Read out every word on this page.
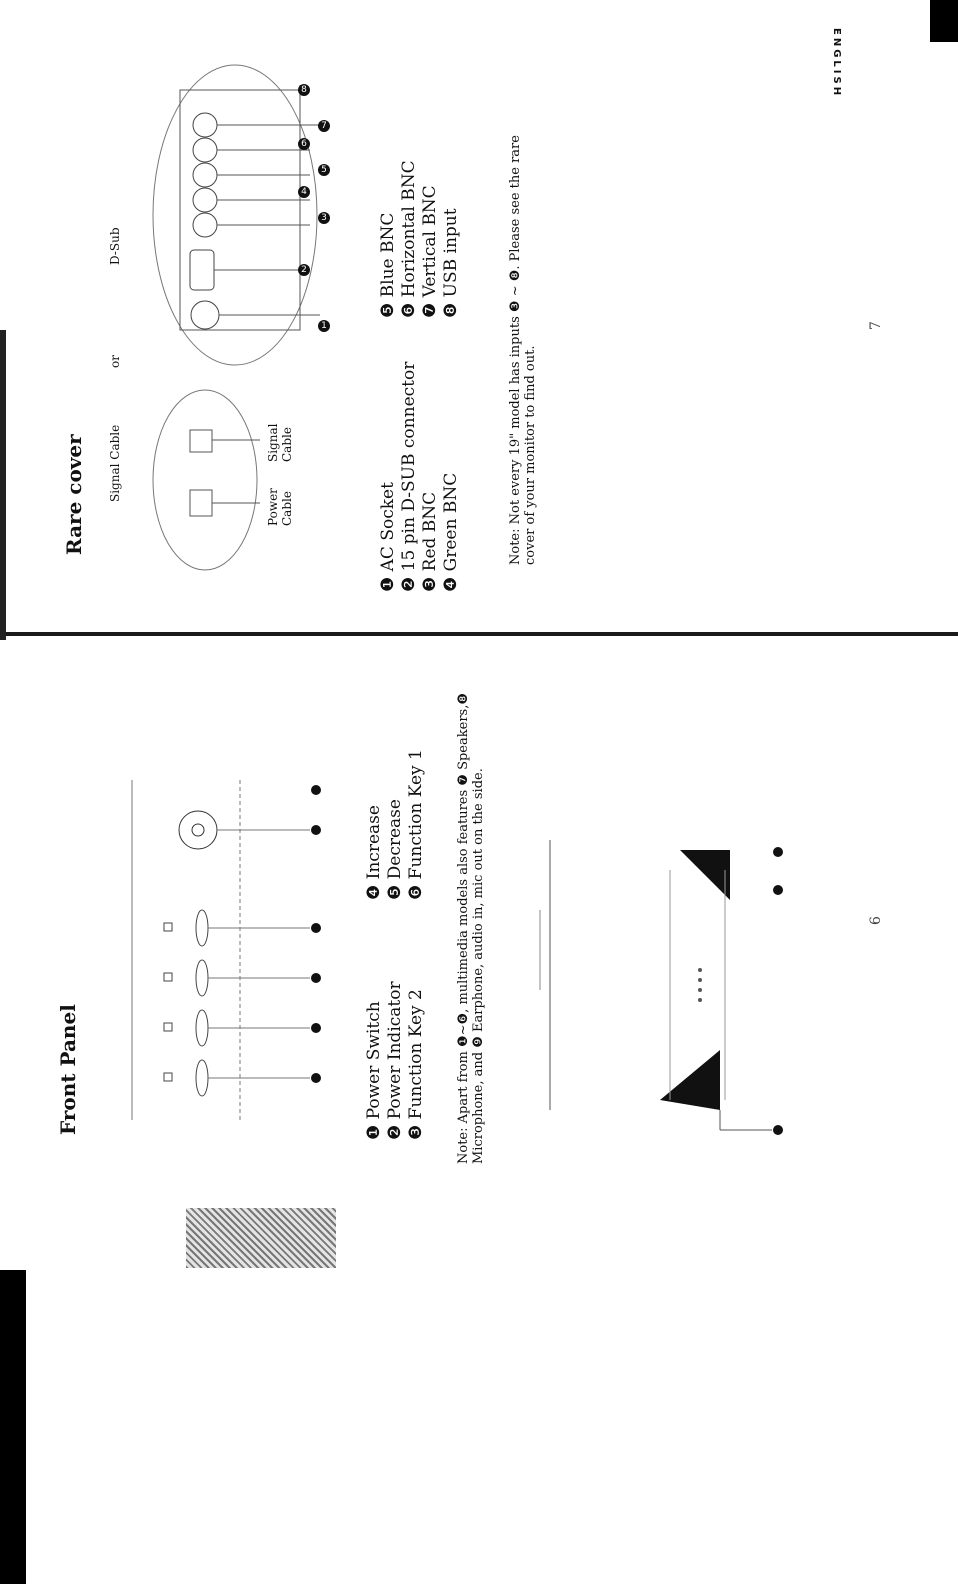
ENGLISH
Front Panel	❶ Power Switch ❷ Power Indicator ❸ Function Key 2
❹ Increase ❺ Decrease ❻ Function Key 1 Note: Apart from ❶~❻, multimedia models also features ❼ Speakers,❽ Microphone, and ❾ Earphone, audio in, mic out on the side.	6
Rare cover Signal Cable
or
D-Sub
Power Cable
Signal Cable
1
2
3
4
5
6
7
8
❶ AC Socket ❷ 15 pin D-SUB connector ❸ Red BNC ❹ Green BNC
❺ Blue BNC ❻ Horizontal BNC ❼ Vertical BNC ❽ USB input	Note: Not every 19" model has inputs ❸ ~ ❽. Please see the rare cover of your monitor to find out.
7
